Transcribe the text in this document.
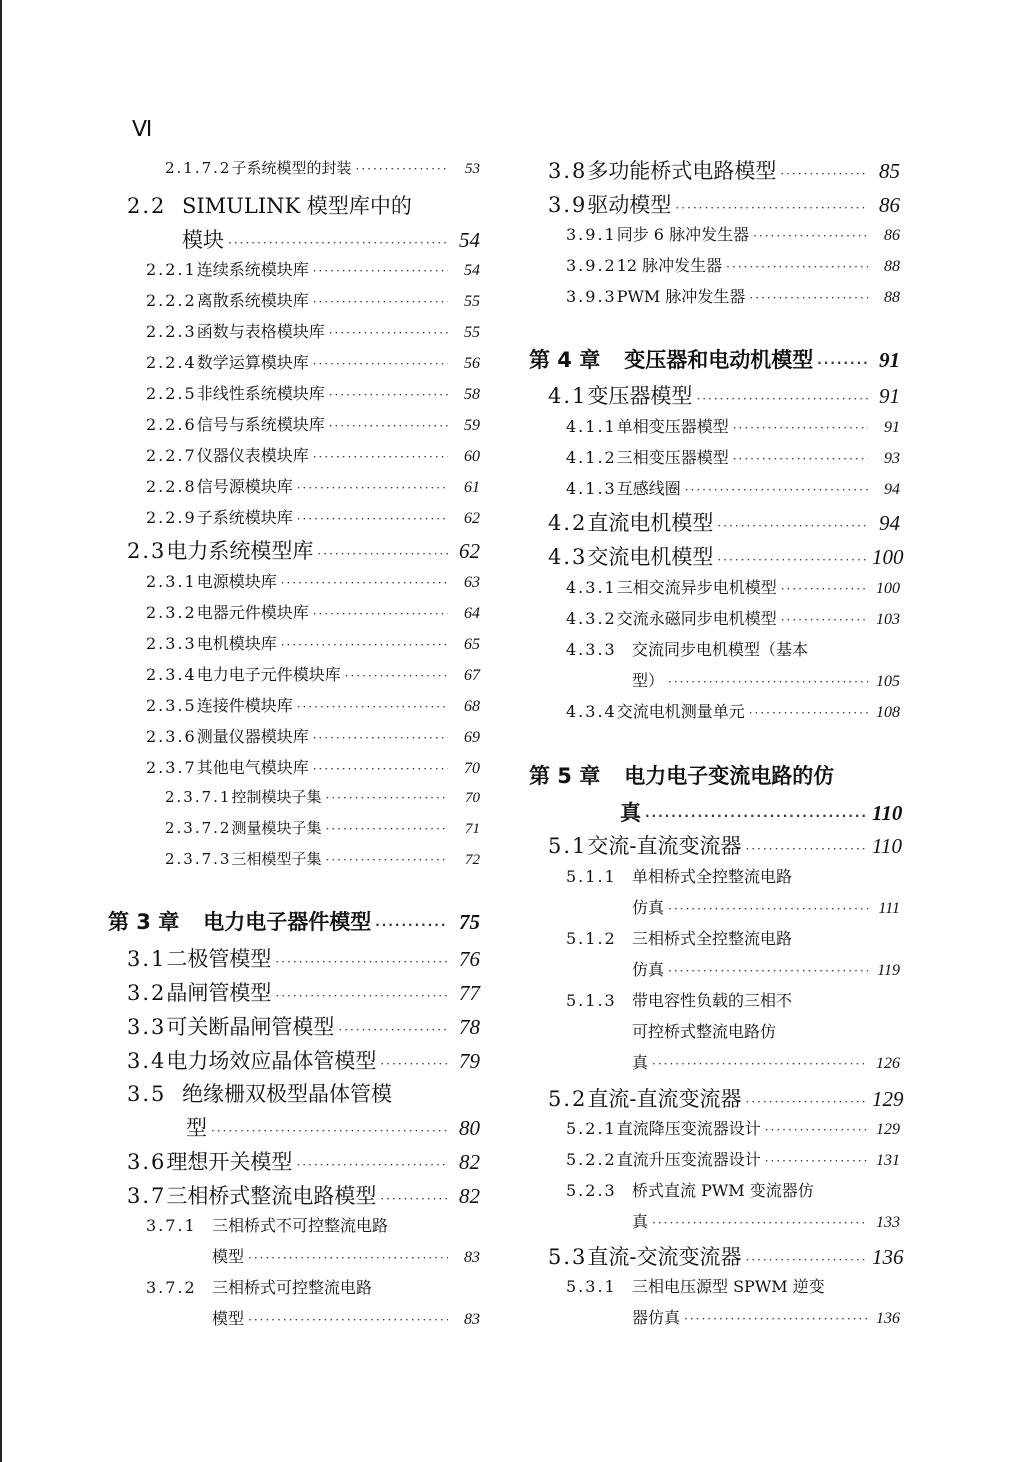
Ⅵ
2.1.7.2 子系统模型的封装 ·····	53
2.2 SIMULINK 模型库中的
模块 ·····	54
2.2.1 连续系统模块库 ·····	54
2.2.2 离散系统模块库 ·····	55
2.2.3 函数与表格模块库 ·····	55
2.2.4 数学运算模块库 ·····	56
2.2.5 非线性系统模块库 ·····	58
2.2.6 信号与系统模块库 ·····	59
2.2.7 仪器仪表模块库 ·····	60
2.2.8 信号源模块库 ·····	61
2.2.9 子系统模块库 ·····	62
2.3 电力系统模型库 ·····	62
2.3.1 电源模块库 ·····	63
2.3.2 电器元件模块库 ·····	64
2.3.3 电机模块库 ·····	65
2.3.4 电力电子元件模块库 ·····	67
2.3.5 连接件模块库 ·····	68
2.3.6 测量仪器模块库 ·····	69
2.3.7 其他电气模块库 ·····	70
2.3.7.1 控制模块子集 ·····	70
2.3.7.2 测量模块子集 ·····	71
2.3.7.3 三相模型子集 ·····	72
第 3 章 电力电子器件模型 ·····	75
3.1 二极管模型 ·····	76
3.2 晶闸管模型 ·····	77
3.3 可关断晶闸管模型 ·····	78
3.4 电力场效应晶体管模型 ·····	79
3.5 绝缘栅双极型晶体管模
型 ·····	80
3.6 理想开关模型 ·····	82
3.7 三相桥式整流电路模型 ·····	82
3.7.1 三相桥式不可控整流电路
模型 ·····	83
3.7.2 三相桥式可控整流电路
模型 ·····	83
3.8 多功能桥式电路模型 ·····	85
3.9 驱动模型 ·····	86
3.9.1 同步 6 脉冲发生器 ·····	86
3.9.2 12 脉冲发生器 ·····	88
3.9.3 PWM 脉冲发生器 ·····	88
第 4 章 变压器和电动机模型 ·····	91
4.1 变压器模型 ·····	91
4.1.1 单相变压器模型 ·····	91
4.1.2 三相变压器模型 ·····	93
4.1.3 互感线圈 ·····	94
4.2 直流电机模型 ·····	94
4.3 交流电机模型 ·····	100
4.3.1 三相交流异步电机模型 ·····	100
4.3.2 交流永磁同步电机模型 ·····	103
4.3.3 交流同步电机模型（基本
型） ·····	105
4.3.4 交流电机测量单元 ·····	108
第 5 章 电力电子变流电路的仿
真 ·····	110
5.1 交流-直流变流器 ·····	110
5.1.1 单相桥式全控整流电路
仿真 ·····	111
5.1.2 三相桥式全控整流电路
仿真 ·····	119
5.1.3 带电容性负载的三相不
可控桥式整流电路仿
真 ·····	126
5.2 直流-直流变流器 ·····	129
5.2.1 直流降压变流器设计 ·····	129
5.2.2 直流升压变流器设计 ·····	131
5.2.3 桥式直流 PWM 变流器仿
真 ·····	133
5.3 直流-交流变流器 ·····	136
5.3.1 三相电压源型 SPWM 逆变
器仿真 ·····	136
